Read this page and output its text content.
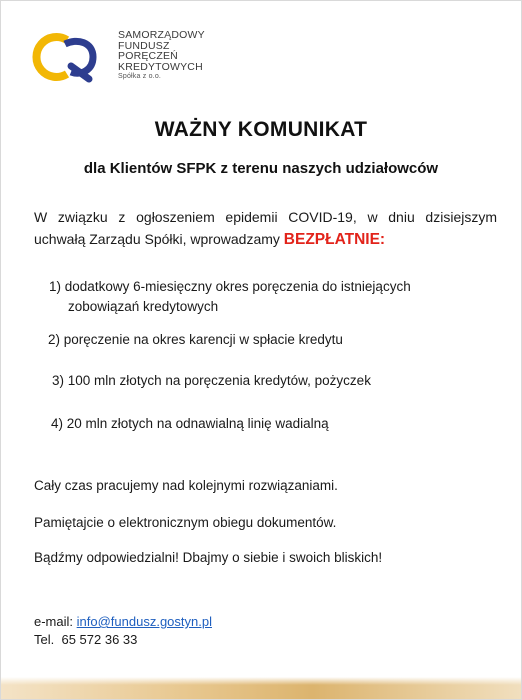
SAMORZĄDOWY
FUNDUSZ
PORĘCZEŃ
KREDYTOWYCH
Spółka z o.o.
WAŻNY KOMUNIKAT
dla Klientów SFPK z terenu naszych udziałowców
W związku z ogłoszeniem epidemii COVID-19, w dniu dzisiejszym uchwałą Zarządu Spółki, wprowadzamy BEZPŁATNIE:
1) dodatkowy 6-miesięczny okres poręczenia do istniejących
zobowiązań kredytowych
2) poręczenie na okres karencji w spłacie kredytu
3) 100 mln złotych na poręczenia kredytów, pożyczek
4) 20 mln złotych na odnawialną linię wadialną
Cały czas pracujemy nad kolejnymi rozwiązaniami.
Pamiętajcie o elektronicznym obiegu dokumentów.
Bądźmy odpowiedzialni! Dbajmy o siebie i swoich bliskich!
e-mail: info@fundusz.gostyn.pl
Tel. 65 572 36 33
